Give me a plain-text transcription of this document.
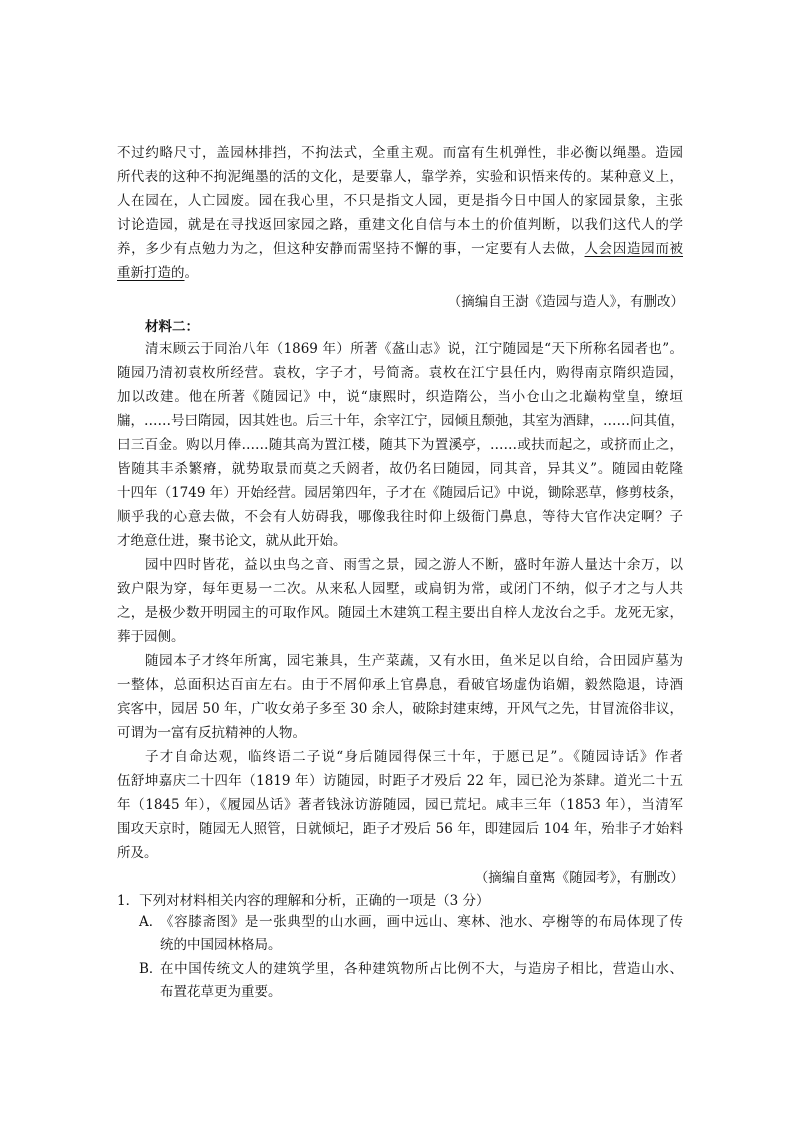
不过约略尺寸，盖园林排挡，不拘法式，全重主观。而富有生机弹性，非必衡以绳墨。造园
所代表的这种不拘泥绳墨的活的文化，是要靠人，靠学养，实验和识悟来传的。某种意义上，
人在园在，人亡园废。园在我心里，不只是指文人园，更是指今日中国人的家园景象，主张
讨论造园，就是在寻找返回家园之路，重建文化自信与本土的价值判断，以我们这代人的学
养，多少有点勉力为之，但这种安静而需坚持不懈的事，一定要有人去做，人会因造园而被
重新打造的。
（摘编自王澍《造园与造人》，有删改）
材料二：
清末顾云于同治八年（1869 年）所著《盋山志》说，江宁随园是“天下所称名园者也”。
随园乃清初袁枚所经营。袁枚，字子才，号简斋。袁枚在江宁县任内，购得南京隋织造园，
加以改建。他在所著《随园记》中，说“康熙时，织造隋公，当小仓山之北巅构堂皇，缭垣
牖，……号曰隋园，因其姓也。后三十年，余宰江宁，园倾且颓弛，其室为酒肆，……问其值，
曰三百金。购以月俸……随其高为置江楼，随其下为置溪亭，……或扶而起之，或挤而止之，
皆随其丰杀繁瘠，就势取景而莫之夭阏者，故仍名曰随园，同其音，异其义”。随园由乾隆
十四年（1749 年）开始经营。园居第四年，子才在《随园后记》中说，锄除恶草，修剪枝条，
顺乎我的心意去做，不会有人妨碍我，哪像我往时仰上级衙门鼻息，等待大官作决定啊？子
才绝意仕进，聚书论文，就从此开始。
园中四时皆花，益以虫鸟之音、雨雪之景，园之游人不断，盛时年游人量达十余万，以
致户限为穿，每年更易一二次。从来私人园墅，或扃钥为常，或闭门不纳，似子才之与人共
之，是极少数开明园主的可取作风。随园土木建筑工程主要出自梓人龙汝台之手。龙死无家，
葬于园侧。
随园本子才终年所寓，园宅兼具，生产菜蔬，又有水田，鱼米足以自给，合田园庐墓为
一整体，总面积达百亩左右。由于不屑仰承上官鼻息，看破官场虚伪谄媚，毅然隐退，诗酒
宾客中，园居 50 年，广收女弟子多至 30 余人，破除封建束缚，开风气之先，甘冒流俗非议，
可谓为一富有反抗精神的人物。
子才自命达观，临终语二子说“身后随园得保三十年，于愿已足”。《随园诗话》作者
伍舒坤嘉庆二十四年（1819 年）访随园，时距子才殁后 22 年，园已沦为茶肆。道光二十五
年（1845 年），《履园丛话》著者钱泳访游随园，园已荒圮。咸丰三年（1853 年），当清军
围攻天京时，随园无人照管，日就倾圮，距子才殁后 56 年，即建园后 104 年，殆非子才始料
所及。
（摘编自童寯《随园考》，有删改）
1．下列对材料相关内容的理解和分析，正确的一项是（3 分）
A．
《容膝斋图》是一张典型的山水画，画中远山、寒林、池水、亭榭等的布局体现了传
统的中国园林格局。
B．
在中国传统文人的建筑学里，各种建筑物所占比例不大，与造房子相比，营造山水、
布置花草更为重要。
